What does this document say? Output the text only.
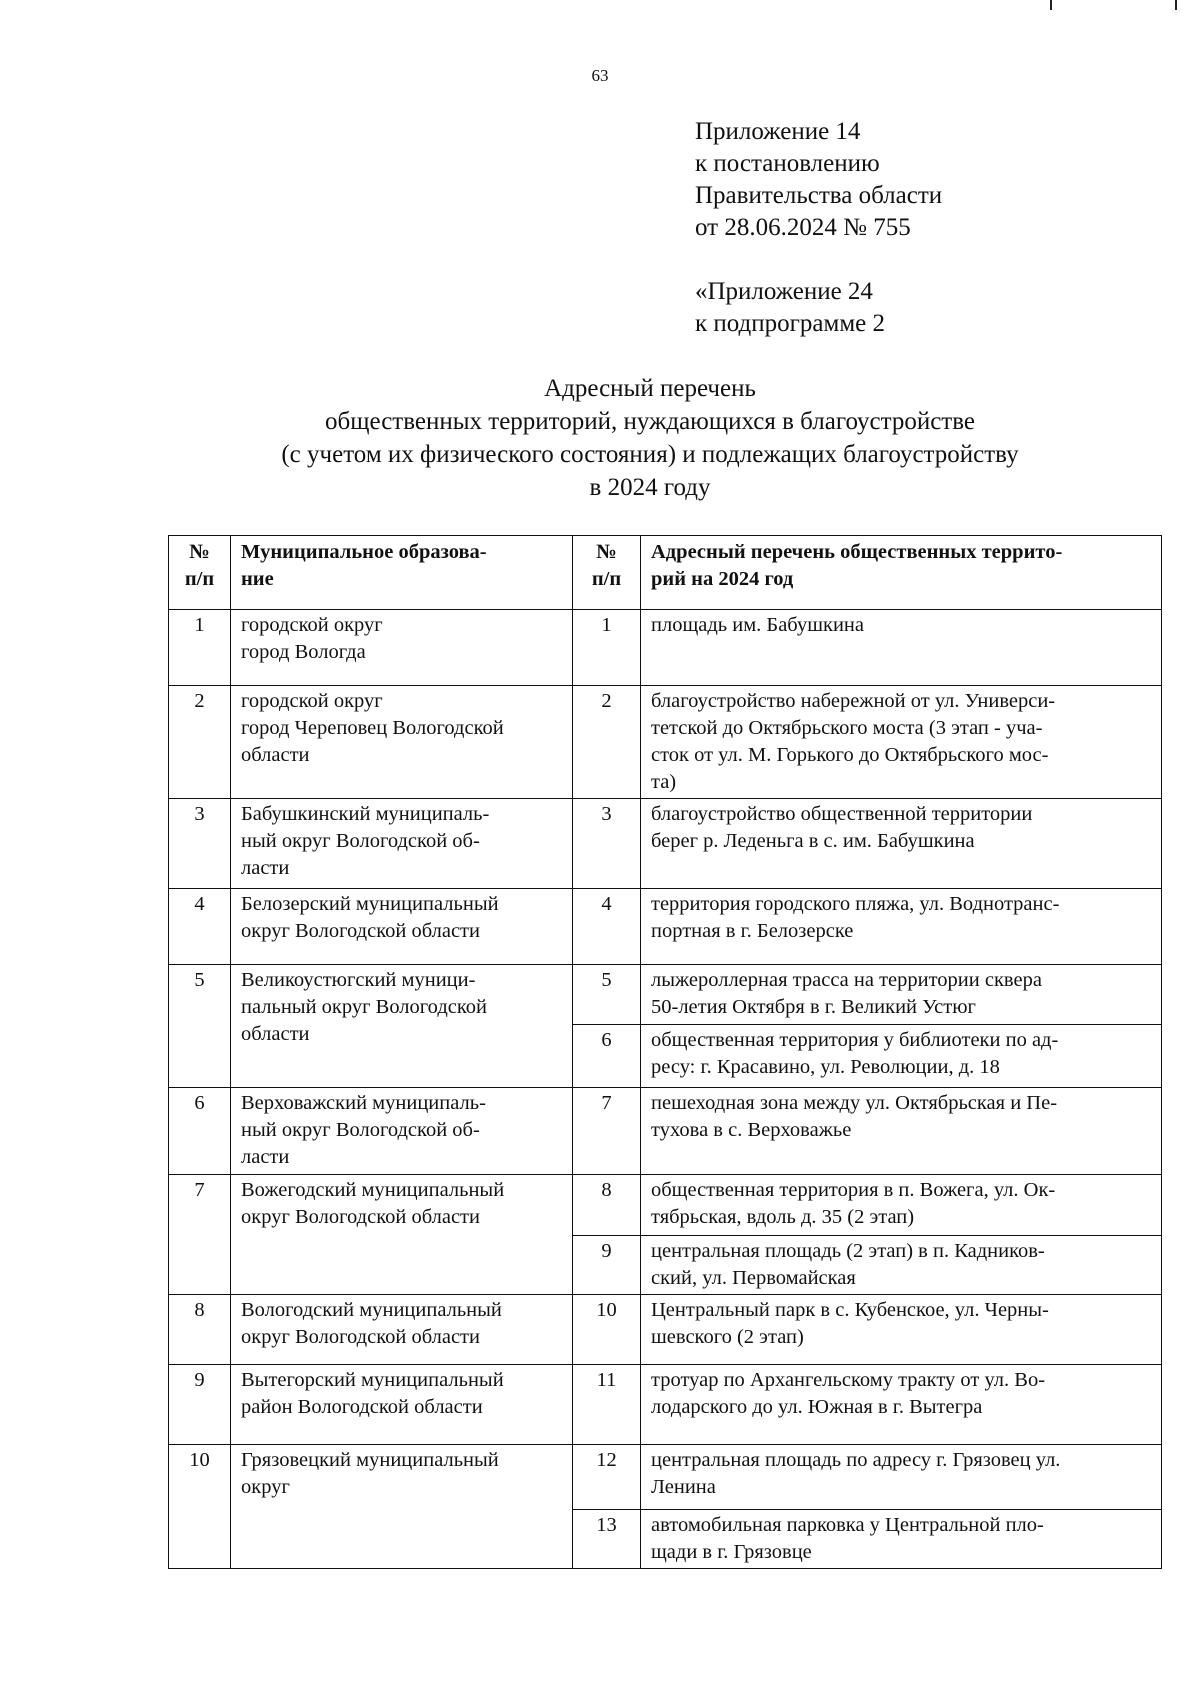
63
Приложение 14
к постановлению
Правительства области
от 28.06.2024 № 755
«Приложение 24
к подпрограмме 2
Адресный перечень
общественных территорий, нуждающихся в благоустройстве
(с учетом их физического состояния) и подлежащих благоустройству
в 2024 году
№
п/п	Муниципальное образова-
ние	№
п/п	Адресный перечень общественных террито-
рий на 2024 год
1	городской округ
город Вологда	1	площадь им. Бабушкина
2	городской округ
город Череповец Вологодской
области	2	благоустройство набережной от ул. Универси-
тетской до Октябрьского моста (3 этап - уча-
сток от ул. М. Горького до Октябрьского мос-
та)
3	Бабушкинский муниципаль-
ный округ Вологодской об-
ласти	3	благоустройство общественной территории
берег р. Леденьга в с. им. Бабушкина
4	Белозерский муниципальный
округ Вологодской области	4	территория городского пляжа, ул. Воднотранс-
портная в г. Белозерске
5	Великоустюгский муници-
пальный округ Вологодской
области	5	лыжероллерная трасса на территории сквера
50-летия Октября в г. Великий Устюг
		6	общественная территория у библиотеки по ад-
ресу: г. Красавино, ул. Революции, д. 18
6	Верховажский муниципаль-
ный округ Вологодской об-
ласти	7	пешеходная зона между ул. Октябрьская и Пе-
тухова в с. Верховажье
7	Вожегодский муниципальный
округ Вологодской области	8	общественная территория в п. Вожега, ул. Ок-
тябрьская, вдоль д. 35 (2 этап)
		9	центральная площадь (2 этап) в п. Кадников-
ский, ул. Первомайская
8	Вологодский муниципальный
округ Вологодской области	10	Центральный парк в с. Кубенское, ул. Черны-
шевского (2 этап)
9	Вытегорский муниципальный
район Вологодской области	11	тротуар по Архангельскому тракту от ул. Во-
лодарского до ул. Южная в г. Вытегра
10	Грязовецкий муниципальный
округ	12	центральная площадь по адресу г. Грязовец ул.
Ленина
		13	автомобильная парковка у Центральной пло-
щади в г. Грязовце
